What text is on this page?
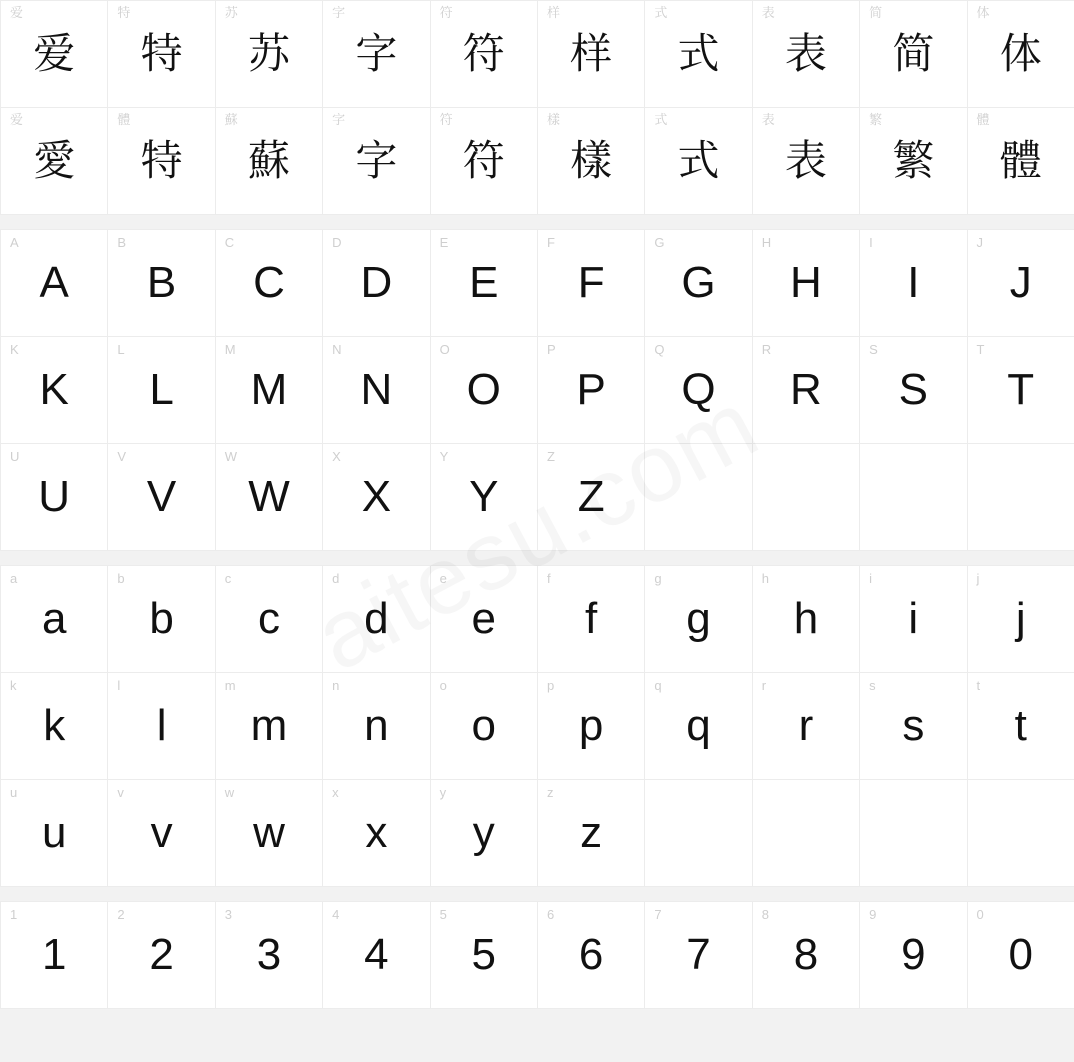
爱
爱
特
特
苏
苏
字
字
符
符
样
样
式
式
表
表
简
简
体
体
爱
愛
體
特
蘇
蘇
字
字
符
符
樣
樣
式
式
表
表
繁
繁
體
體
A
A
B
B
C
C
D
D
E
E
F
F
G
G
H
H
I
I
J
J
K
K
L
L
M
M
N
N
O
O
P
P
Q
Q
R
R
S
S
T
T
U
U
V
V
W
W
X
X
Y
Y
Z
Z
a
a
b
b
c
c
d
d
e
e
f
f
g
g
h
h
i
i
j
j
k
k
l
l
m
m
n
n
o
o
p
p
q
q
r
r
s
s
t
t
u
u
v
v
w
w
x
x
y
y
z
z
1
1
2
2
3
3
4
4
5
5
6
6
7
7
8
8
9
9
0
0
